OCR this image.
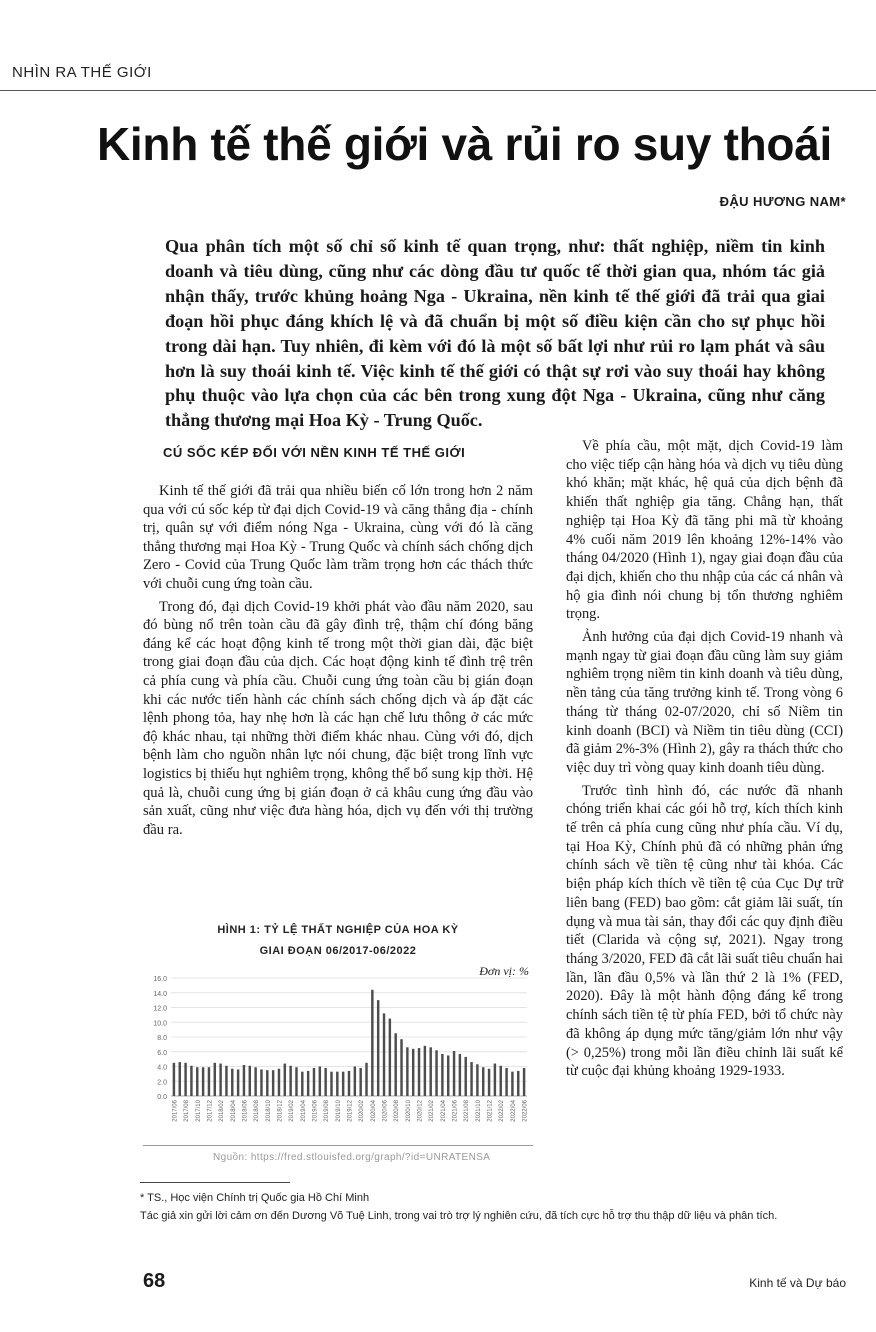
NHÌN RA THẾ GIỚI
Kinh tế thế giới và rủi ro suy thoái
ĐẬU HƯƠNG NAM*

Qua phân tích một số chỉ số kinh tế quan trọng, như: thất nghiệp, niềm tin kinh doanh và tiêu dùng, cũng như các dòng đầu tư quốc tế thời gian qua, nhóm tác giả nhận thấy, trước khủng hoảng Nga - Ukraina, nền kinh tế thế giới đã trải qua giai đoạn hồi phục đáng khích lệ và đã chuẩn bị một số điều kiện cần cho sự phục hồi trong dài hạn. Tuy nhiên, đi kèm với đó là một số bất lợi như rủi ro lạm phát và sâu hơn là suy thoái kinh tế. Việc kinh tế thế giới có thật sự rơi vào suy thoái hay không phụ thuộc vào lựa chọn của các bên trong xung đột Nga - Ukraina, cũng như căng thẳng thương mại Hoa Kỳ - Trung Quốc.

CÚ SỐC KÉP ĐỐI VỚI NỀN KINH TẾ THẾ GIỚI

Kinh tế thế giới đã trải qua nhiều biến cố lớn trong hơn 2 năm qua với cú sốc kép từ đại dịch Covid-19 và căng thẳng địa - chính trị, quân sự với điểm nóng Nga - Ukraina, cùng với đó là căng thẳng thương mại Hoa Kỳ - Trung Quốc và chính sách chống dịch Zero - Covid của Trung Quốc làm trầm trọng hơn các thách thức với chuỗi cung ứng toàn cầu.

Trong đó, đại dịch Covid-19 khởi phát vào đầu năm 2020, sau đó bùng nổ trên toàn cầu đã gây đình trệ, thậm chí đóng băng đáng kể các hoạt động kinh tế trong một thời gian dài, đặc biệt trong giai đoạn đầu của dịch. Các hoạt động kinh tế đình trệ trên cả phía cung và phía cầu. Chuỗi cung ứng toàn cầu bị gián đoạn khi các nước tiến hành các chính sách chống dịch và áp đặt các lệnh phong tỏa, hay nhẹ hơn là các hạn chế lưu thông ở các mức độ khác nhau, tại những thời điểm khác nhau. Cùng với đó, dịch bệnh làm cho nguồn nhân lực nói chung, đặc biệt trong lĩnh vực logistics bị thiếu hụt nghiêm trọng, không thể bổ sung kịp thời. Hệ quả là, chuỗi cung ứng bị gián đoạn ở cả khâu cung ứng đầu vào sản xuất, cũng như việc đưa hàng hóa, dịch vụ đến với thị trường đầu ra.

Về phía cầu, một mặt, dịch Covid-19 làm cho việc tiếp cận hàng hóa và dịch vụ tiêu dùng khó khăn; mặt khác, hệ quả của dịch bệnh đã khiến thất nghiệp gia tăng. Chẳng hạn, thất nghiệp tại Hoa Kỳ đã tăng phi mã từ khoảng 4% cuối năm 2019 lên khoảng 12%-14% vào tháng 04/2020 (Hình 1), ngay giai đoạn đầu của đại dịch, khiến cho thu nhập của các cá nhân và hộ gia đình nói chung bị tổn thương nghiêm trọng.

Ảnh hưởng của đại dịch Covid-19 nhanh và mạnh ngay từ giai đoạn đầu cũng làm suy giảm nghiêm trọng niềm tin kinh doanh và tiêu dùng, nền tảng của tăng trưởng kinh tế. Trong vòng 6 tháng từ tháng 02-07/2020, chỉ số Niềm tin kinh doanh (BCI) và Niềm tin tiêu dùng (CCI) đã giảm 2%-3% (Hình 2), gây ra thách thức cho việc duy trì vòng quay kinh doanh tiêu dùng.

Trước tình hình đó, các nước đã nhanh chóng triển khai các gói hỗ trợ, kích thích kinh tế trên cả phía cung cũng như phía cầu. Ví dụ, tại Hoa Kỳ, Chính phủ đã có những phản ứng chính sách về tiền tệ cũng như tài khóa. Các biện pháp kích thích về tiền tệ của Cục Dự trữ liên bang (FED) bao gồm: cắt giảm lãi suất, tín dụng và mua tài sản, thay đổi các quy định điều tiết (Clarida và cộng sự, 2021). Ngay trong tháng 3/2020, FED đã cắt lãi suất tiêu chuẩn hai lần, lần đầu 0,5% và lần thứ 2 là 1% (FED, 2020). Đây là một hành động đáng kể trong chính sách tiền tệ từ phía FED, bởi tổ chức này đã không áp dụng mức tăng/giảm lớn như vậy (> 0,25%) trong mỗi lần điều chỉnh lãi suất kể từ cuộc đại khủng khoảng 1929-1933.

HÌNH 1: TỶ LỆ THẤT NGHIỆP CỦA HOA KỲ
GIAI ĐOẠN 06/2017-06/2022
Đơn vị: %
0.0
2.0
4.0
6.0
8.0
10.0
12.0
14.0
16.0
2017/06 2017/08 2017/10 2017/12 2018/02 2018/04 2018/06 2018/08 2018/10 2018/12 2019/02 2019/04 2019/06 2019/08 2019/10 2019/12 2020/02 2020/04 2020/06 2020/08 2020/10 2020/12 2021/02 2021/04 2021/06 2021/08 2021/10 2021/12 2022/02 2022/04 2022/06
Nguồn: https://fred.stlouisfed.org/graph/?id=UNRATENSA
* TS., Học viện Chính trị Quốc gia Hồ Chí Minh
Tác giả xin gửi lời cảm ơn đến Dương Võ Tuệ Linh, trong vai trò trợ lý nghiên cứu, đã tích cực hỗ trợ thu thập dữ liệu và phân tích.
68	Kinh tế và Dự báo
